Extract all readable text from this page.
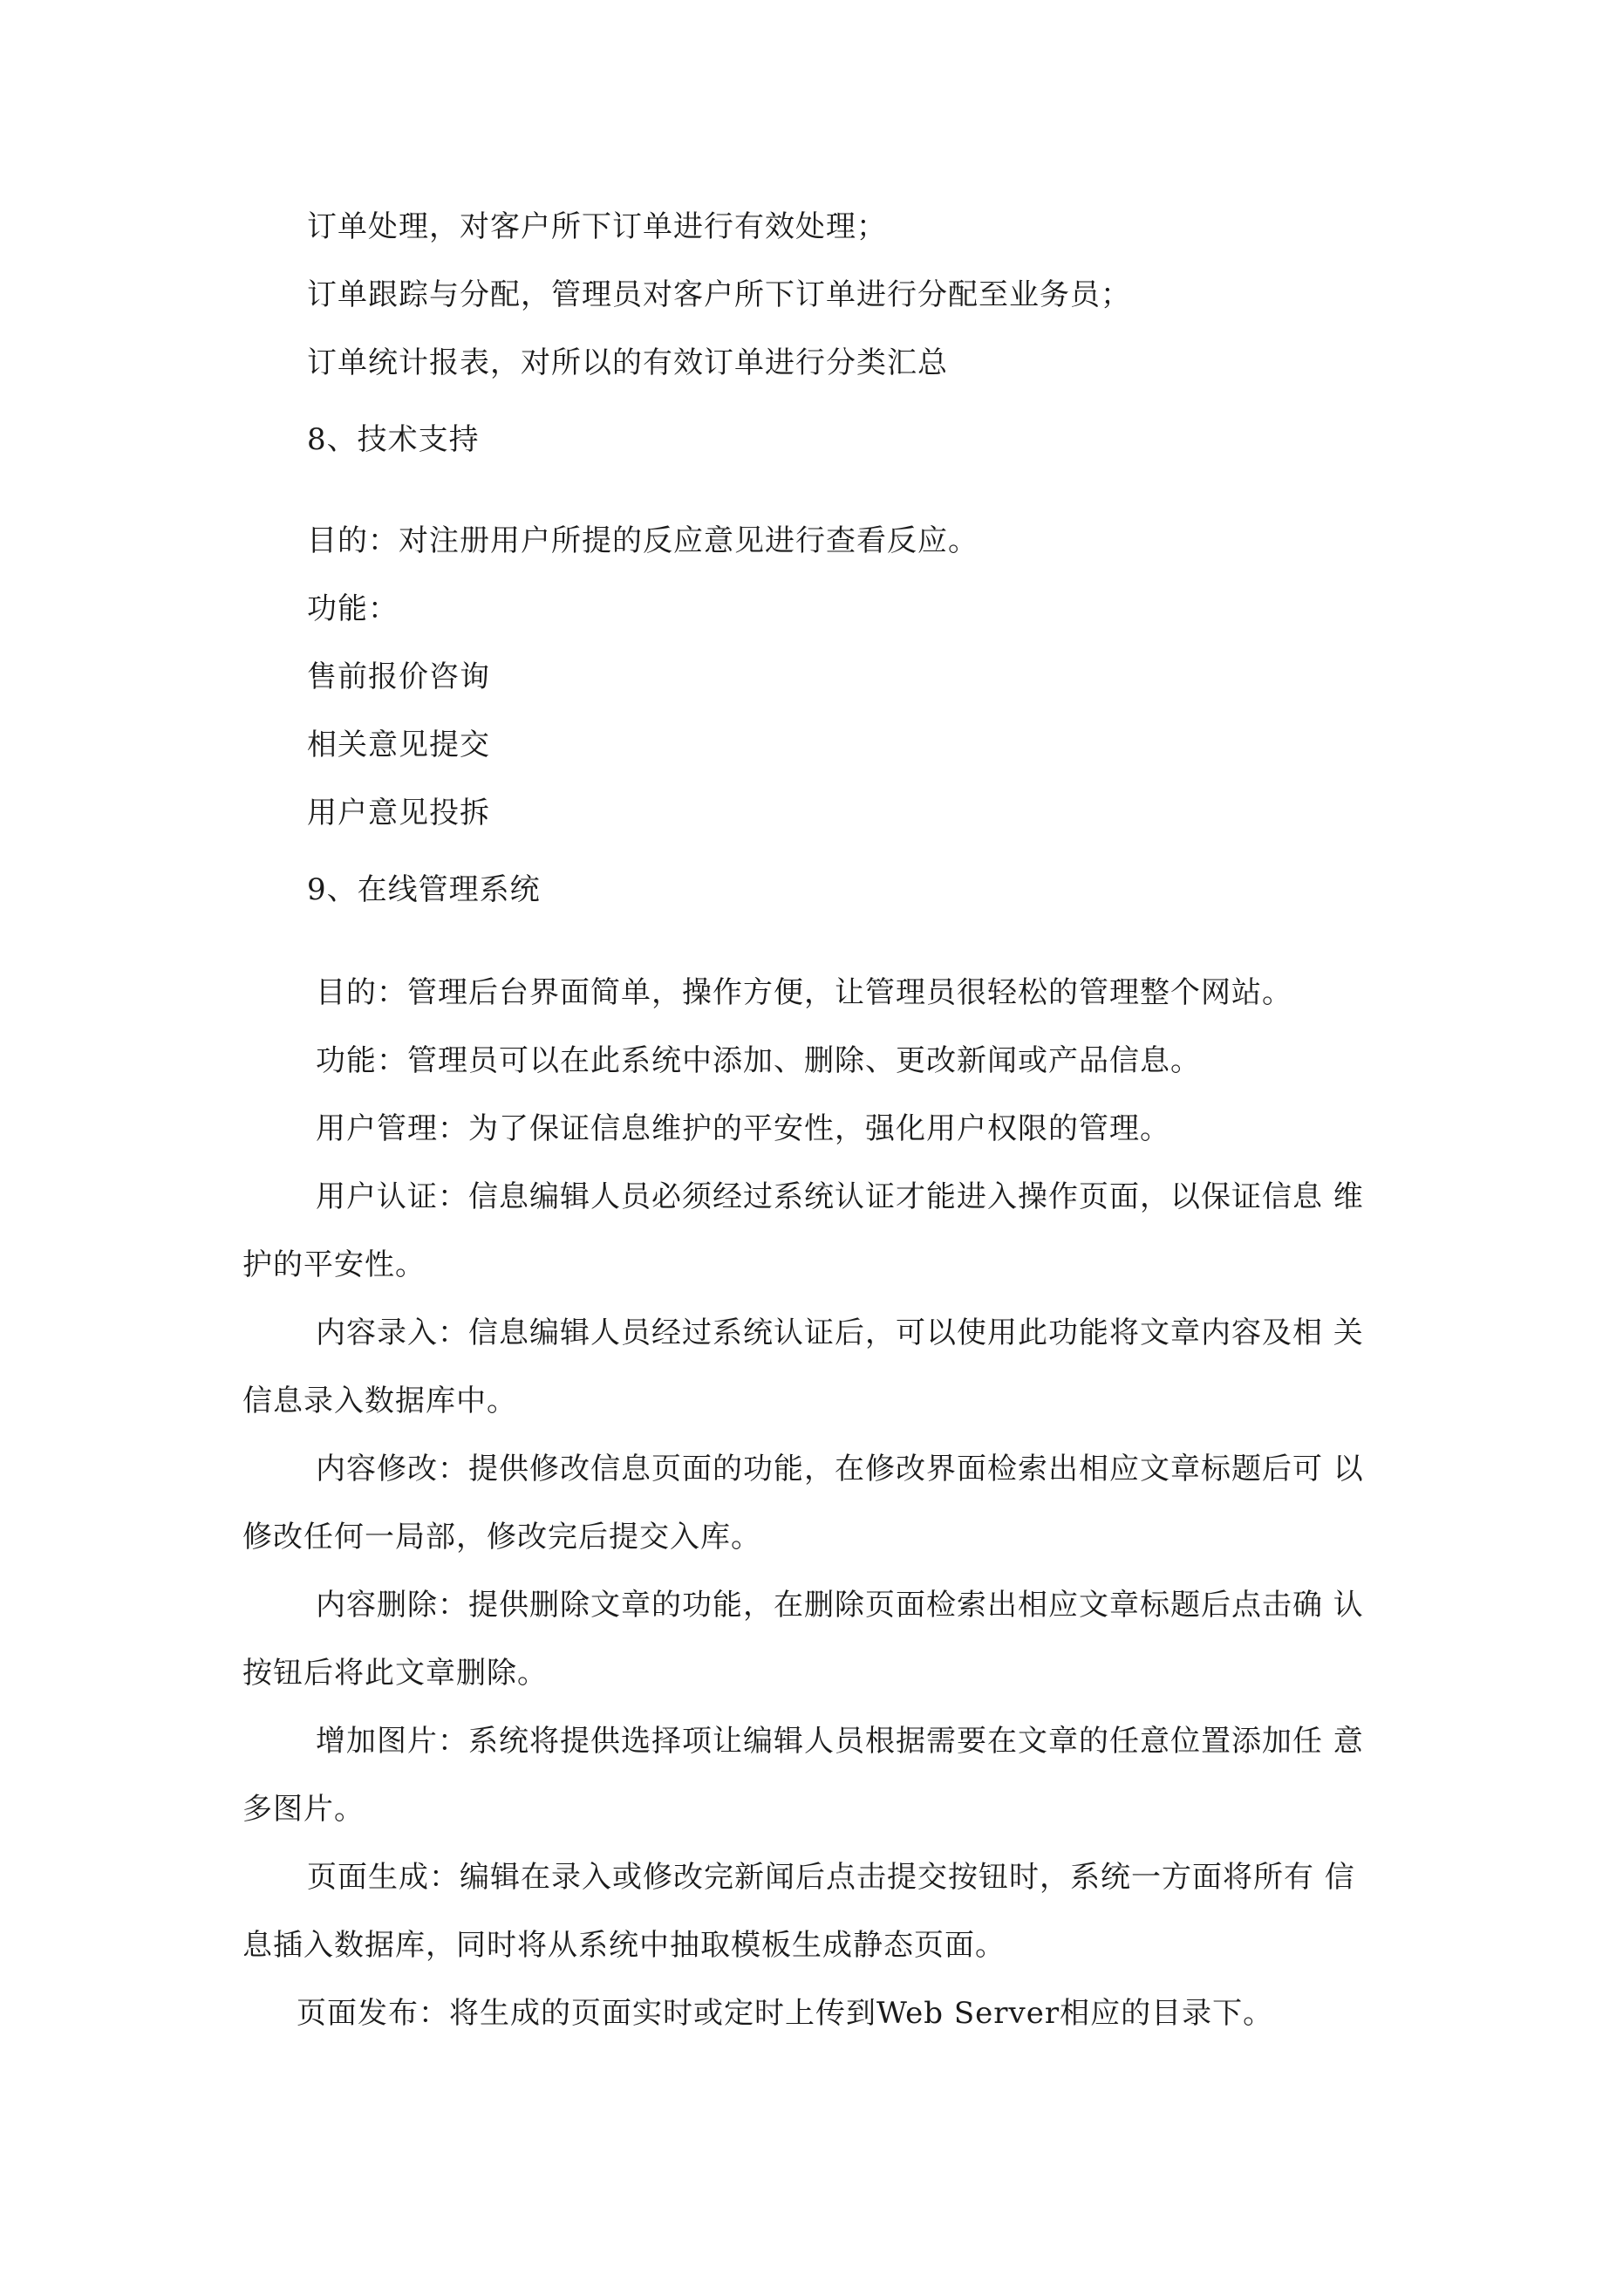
订单处理，对客户所下订单进行有效处理；
订单跟踪与分配，管理员对客户所下订单进行分配至业务员；
订单统计报表，对所以的有效订单进行分类汇总
8、技术支持
目的：对注册用户所提的反应意见进行查看反应。
功能：
售前报价咨询
相关意见提交
用户意见投拆
9、在线管理系统
目的：管理后台界面简单，操作方便，让管理员很轻松的管理整个网站。
功能：管理员可以在此系统中添加、删除、更改新闻或产品信息。
用户管理：为了保证信息维护的平安性，强化用户权限的管理。
用户认证：信息编辑人员必须经过系统认证才能进入操作页面，以保证信息 维
护的平安性。
内容录入：信息编辑人员经过系统认证后，可以使用此功能将文章内容及相 关
信息录入数据库中。
内容修改：提供修改信息页面的功能，在修改界面检索出相应文章标题后可 以
修改任何一局部，修改完后提交入库。
内容删除：提供删除文章的功能，在删除页面检索出相应文章标题后点击确 认
按钮后将此文章删除。
增加图片：系统将提供选择项让编辑人员根据需要在文章的任意位置添加任 意
多图片。
页面生成：编辑在录入或修改完新闻后点击提交按钮时，系统一方面将所有 信
息插入数据库，同时将从系统中抽取模板生成静态页面。
页面发布：将生成的页面实时或定时上传到Web Server相应的目录下。
